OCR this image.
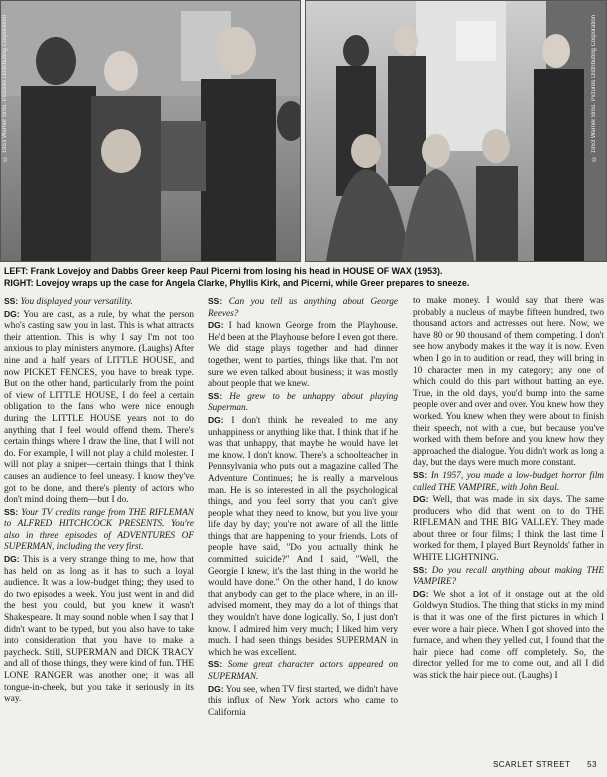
© 1953 Warner Bros. Pictures Distributing Corporation	© 1953 Warner Bros. Pictures Distributing Corporation

LEFT: Frank Lovejoy and Dabbs Greer keep Paul Picerni from losing his head in HOUSE OF WAX (1953).

RIGHT: Lovejoy wraps up the case for Angela Clarke, Phyllis Kirk, and Picerni, while Greer prepares to sneeze.

SS: You displayed your versatility.

DG: You are cast, as a rule, by what the person who's casting saw you in last. This is what attracts their attention. This is why I say I'm not too anxious to play ministers anymore. (Laughs) After nine and a half years of LITTLE HOUSE, and now PICKET FENCES, you have to break type. But on the other hand, particularly from the point of view of LITTLE HOUSE, I do feel a certain obligation to the fans who were nice enough during the LITTLE HOUSE years not to do anything that I feel would offend them. There's certain things where I draw the line, that I will not do. For example, I will not play a child molester. I will not play a sniper—certain things that I think causes an audience to feel uneasy. I know they've got to be done, and there's plenty of actors who don't mind doing them—but I do.

SS: Your TV credits range from THE RIFLEMAN to ALFRED HITCHCOCK PRESENTS. You're also in three episodes of ADVENTURES OF SUPERMAN, including the very first.

DG: This is a very strange thing to me, how that has held on as long as it has to such a loyal audience. It was a low-budget thing; they used to do two episodes a week. You just went in and did the best you could, but you knew it wasn't Shakespeare. It may sound noble when I say that I didn't want to be typed, but you also have to take into consideration that you have to make a paycheck. Still, SUPERMAN and DICK TRACY and all of those things, they were kind of fun. THE LONE RANGER was another one; it was all tongue-in-cheek, but you take it seriously in its way.

SS: Can you tell us anything about George Reeves?

DG: I had known George from the Playhouse. He'd been at the Playhouse before I even got there. We did stage plays together and had dinner together, went to parties, things like that. I'm not sure we even talked about business; it was mostly about people that we knew.

SS: He grew to be unhappy about playing Superman.

DG: I don't think he revealed to me any unhappiness or anything like that. I think that if he was that unhappy, that maybe he would have let me know. I don't know. There's a schoolteacher in Pennsylvania who puts out a magazine called The Adventure Continues; he is really a marvelous man. He is so interested in all the psychological things, and you feel sorry that you can't give people what they need to know, but you live your life day by day; you're not aware of all the little things that are happening to your friends. Lots of people have said, "Do you actually think he committed suicide?" And I said, "Well, the Georgie I knew, it's the last thing in the world he would have done." On the other hand, I do know that anybody can get to the place where, in an ill-advised moment, they may do a lot of things that they wouldn't have done logically. So, I just don't know. I admired him very much; I liked him very much. I had seen things besides SUPERMAN in which he was excellent.

SS: Some great character actors appeared on SUPERMAN.

DG: You see, when TV first started, we didn't have this influx of New York actors who came to California

to make money. I would say that there was probably a nucleus of maybe fifteen hundred, two thousand actors and actresses out here. Now, we have 80 or 90 thousand of them competing. I don't see how anybody makes it the way it is now. Even when I go in to audition or read, they will bring in 10 character men in my category; any one of which could do this part without batting an eye. True, in the old days, you'd bump into the same people over and over and over. You knew how they worked. You knew when they were about to finish their speech, not with a cue, but because you've worked with them before and you knew how they approached the dialogue. You didn't work as long a day, but the days were much more constant.

SS: In 1957, you made a low-budget horror film called THE VAMPIRE, with John Beal.

DG: Well, that was made in six days. The same producers who did that went on to do THE RIFLEMAN and THE BIG VALLEY. They made about three or four films; I think the last time I worked for them, I played Burt Reynolds' father in WHITE LIGHTNING.

SS: Do you recall anything about making THE VAMPIRE?

DG: We shot a lot of it onstage out at the old Goldwyn Studios. The thing that sticks in my mind is that it was one of the first pictures in which I ever wore a hair piece. When I got shoved into the furnace, and when they yelled cut, I found that the hair piece had come off completely. So, the director yelled for me to come out, and all I did was stick the hair piece out. (Laughs) I

SCARLET STREET 53
